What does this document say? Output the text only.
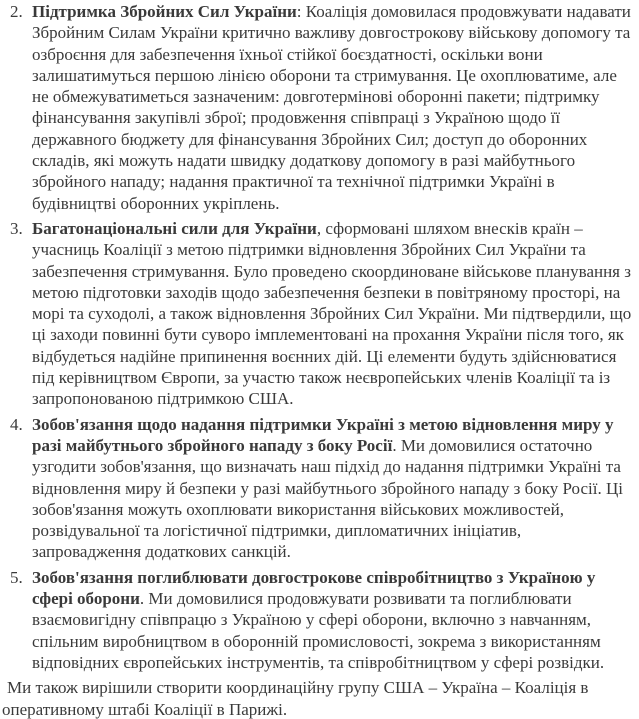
2. Підтримка Збройних Сил України: Коаліція домовилася продовжувати надавати Збройним Силам України критично важливу довгострокову військову допомогу та озброєння для забезпечення їхньої стійкої боєздатності, оскільки вони залишатимуться першою лінією оборони та стримування. Це охоплюватиме, але не обмежуватиметься зазначеним: довготермінові оборонні пакети; підтримку фінансування закупівлі зброї; продовження співпраці з Україною щодо її державного бюджету для фінансування Збройних Сил; доступ до оборонних складів, які можуть надати швидку додаткову допомогу в разі майбутнього збройного нападу; надання практичної та технічної підтримки Україні в будівництві оборонних укріплень.
3. Багатонаціональні сили для України, сформовані шляхом внесків країн – учасниць Коаліції з метою підтримки відновлення Збройних Сил України та забезпечення стримування. Було проведено скоординоване військове планування з метою підготовки заходів щодо забезпечення безпеки в повітряному просторі, на морі та суходолі, а також відновлення Збройних Сил України. Ми підтвердили, що ці заходи повинні бути суворо імплементовані на прохання України після того, як відбудеться надійне припинення воєнних дій. Ці елементи будуть здійснюватися під керівництвом Європи, за участю також неєвропейських членів Коаліції та із запропонованою підтримкою США.
4. Зобов'язання щодо надання підтримки Україні з метою відновлення миру у разі майбутнього збройного нападу з боку Росії. Ми домовилися остаточно узгодити зобов'язання, що визначать наш підхід до надання підтримки Україні та відновлення миру й безпеки у разі майбутнього збройного нападу з боку Росії. Ці зобов'язання можуть охоплювати використання військових можливостей, розвідувальної та логістичної підтримки, дипломатичних ініціатив, запровадження додаткових санкцій.
5. Зобов'язання поглиблювати довгострокове співробітництво з Україною у сфері оборони. Ми домовилися продовжувати розвивати та поглиблювати взаємовигідну співпрацю з Україною у сфері оборони, включно з навчанням, спільним виробництвом в оборонній промисловості, зокрема з використанням відповідних європейських інструментів, та співробітництвом у сфері розвідки.

Ми також вирішили створити координаційну групу США – Україна – Коаліція в оперативному штабі Коаліції в Парижі.
